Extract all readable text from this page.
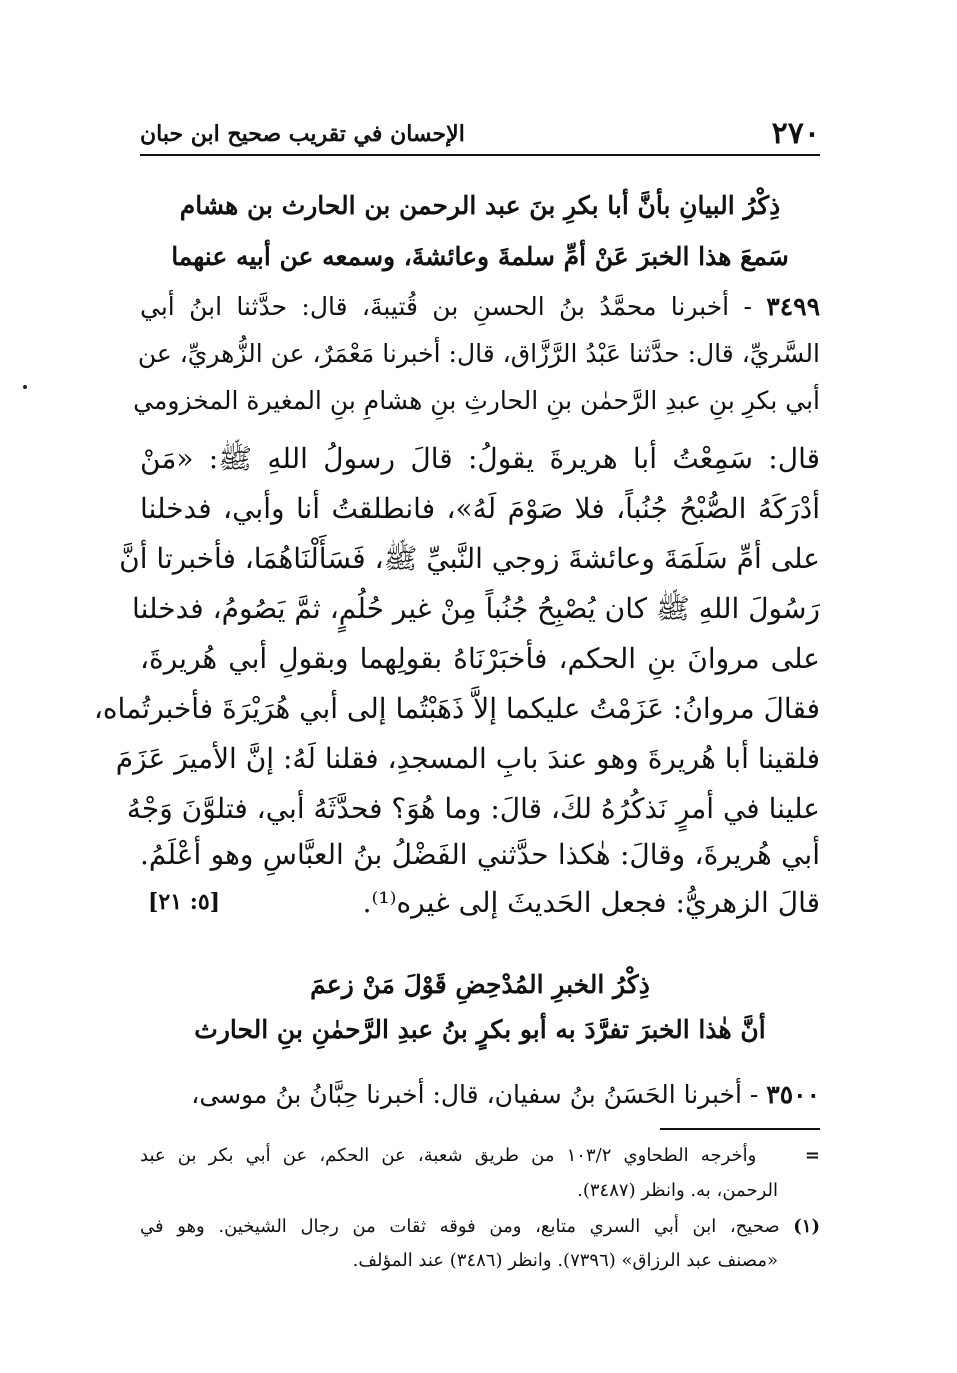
٢٧٠
الإحسان في تقريب صحيح ابن حبان
ذِكْرُ البيانِ بأنَّ أبا بكرِ بنَ عبد الرحمن بن الحارث بن هشام
سَمعَ هذا الخبرَ عَنْ أمِّ سلمةَ وعائشةَ، وسمعه عن أبيه عنهما
٣٤٩٩ - أخبرنا محمَّدُ بنُ الحسنِ بن قُتيبةَ، قال: حدَّثنا ابنُ أبي
السَّريِّ، قال: حدَّثنا عَبْدُ الرَّزَّاق، قال: أخبرنا مَعْمَرٌ، عن الزُّهريِّ، عن
أبي بكرِ بنِ عبدِ الرَّحمٰن بنِ الحارثِ بنِ هشامِ بنِ المغيرة المخزومي
قال: سَمِعْتُ أبا هريرةَ يقولُ: قالَ رسولُ اللهِ ﷺ: «مَنْ
أدْرَكَهُ الصُّبْحُ جُنُباً، فلا صَوْمَ لَهُ»، فانطلقتُ أنا وأبي، فدخلنا
على أمِّ سَلَمَةَ وعائشةَ زوجي النَّبيِّ ﷺ، فَسَأَلْنَاهُمَا، فأخبرتا أنَّ
رَسُولَ اللهِ ﷺ كان يُصْبِحُ جُنُباً مِنْ غير حُلُمٍ، ثمَّ يَصُومُ، فدخلنا
على مروانَ بنِ الحكم، فأخبَرْنَاهُ بقولِهما وبقولِ أبي هُريرةَ،
فقالَ مروانُ: عَزَمْتُ عليكما إلاَّ ذَهَبْتُما إلى أبي هُرَيْرَةَ فأخبرتُماه،
فلقينا أبا هُريرةَ وهو عندَ بابِ المسجدِ، فقلنا لَهُ: إنَّ الأميرَ عَزَمَ
علينا في أمرٍ نَذكُرُهُ لكَ، قالَ: وما هُوَ؟ فحدَّثَهُ أبي، فتلوَّنَ وَجْهُ
أبي هُريرةَ، وقالَ: هٰكذا حدَّثني الفَضْلُ بنُ العبَّاسِ وهو أعْلَمُ.
قالَ الزهريُّ: فجعل الحَديثَ إلى غيره⁽¹⁾.
[٥: ٢١]
ذِكْرُ الخبرِ المُدْحِضِ قَوْلَ مَنْ زعمَ
أنَّ هٰذا الخبرَ تفرَّدَ به أبو بكرٍ بنُ عبدِ الرَّحمٰنِ بنِ الحارث
٣٥٠٠ - أخبرنا الحَسَنُ بنُ سفيان، قال: أخبرنا حِبَّانُ بنُ موسى،
=    وأخرجه الطحاوي ١٠٣/٢ من طريق شعبة، عن الحكم، عن أبي بكر بن عبد
الرحمن، به. وانظر (٣٤٨٧).
(١) صحيح، ابن أبي السري متابع، ومن فوقه ثقات من رجال الشيخين. وهو في
«مصنف عبد الرزاق» (٧٣٩٦). وانظر (٣٤٨٦) عند المؤلف.
